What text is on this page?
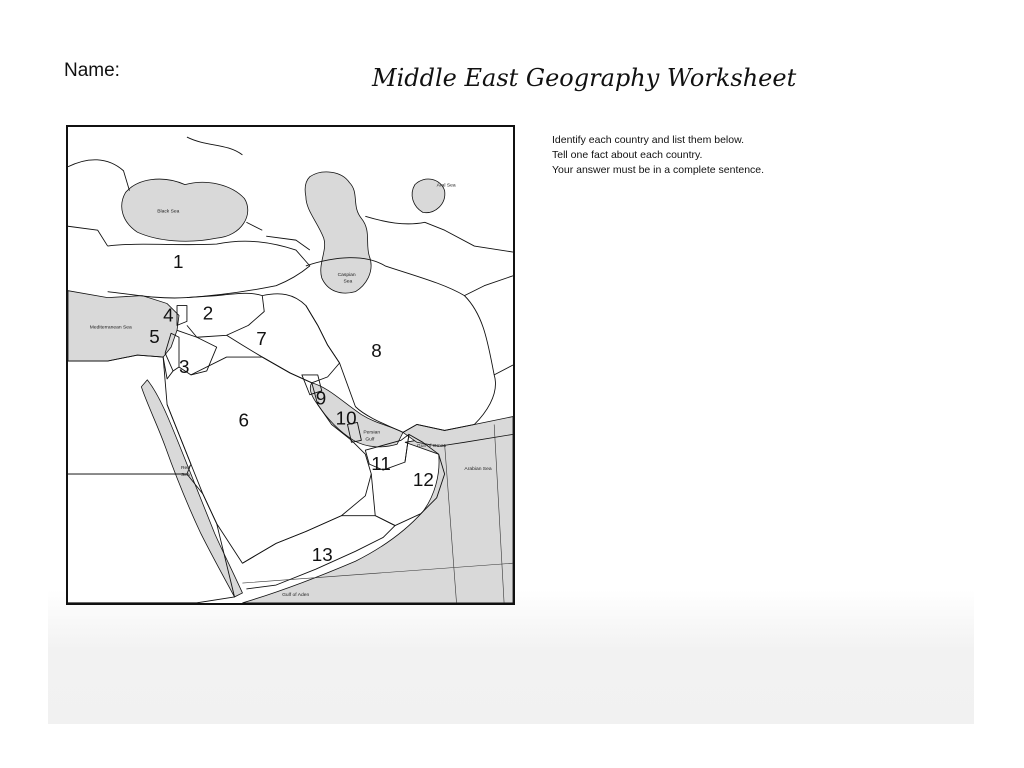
Name:	Middle East Geography Worksheet
1
2
3
4
5
6
7
8
9
10
11
12
13
Black Sea
Aral Sea
Caspian
Sea
Mediterranean Sea
Red
Sea
Persian
Gulf
Gulf of Oman
Arabian Sea
Gulf of Aden
Identify each country and list them below.
Tell one fact about each country.
Your answer must be in a complete sentence.
